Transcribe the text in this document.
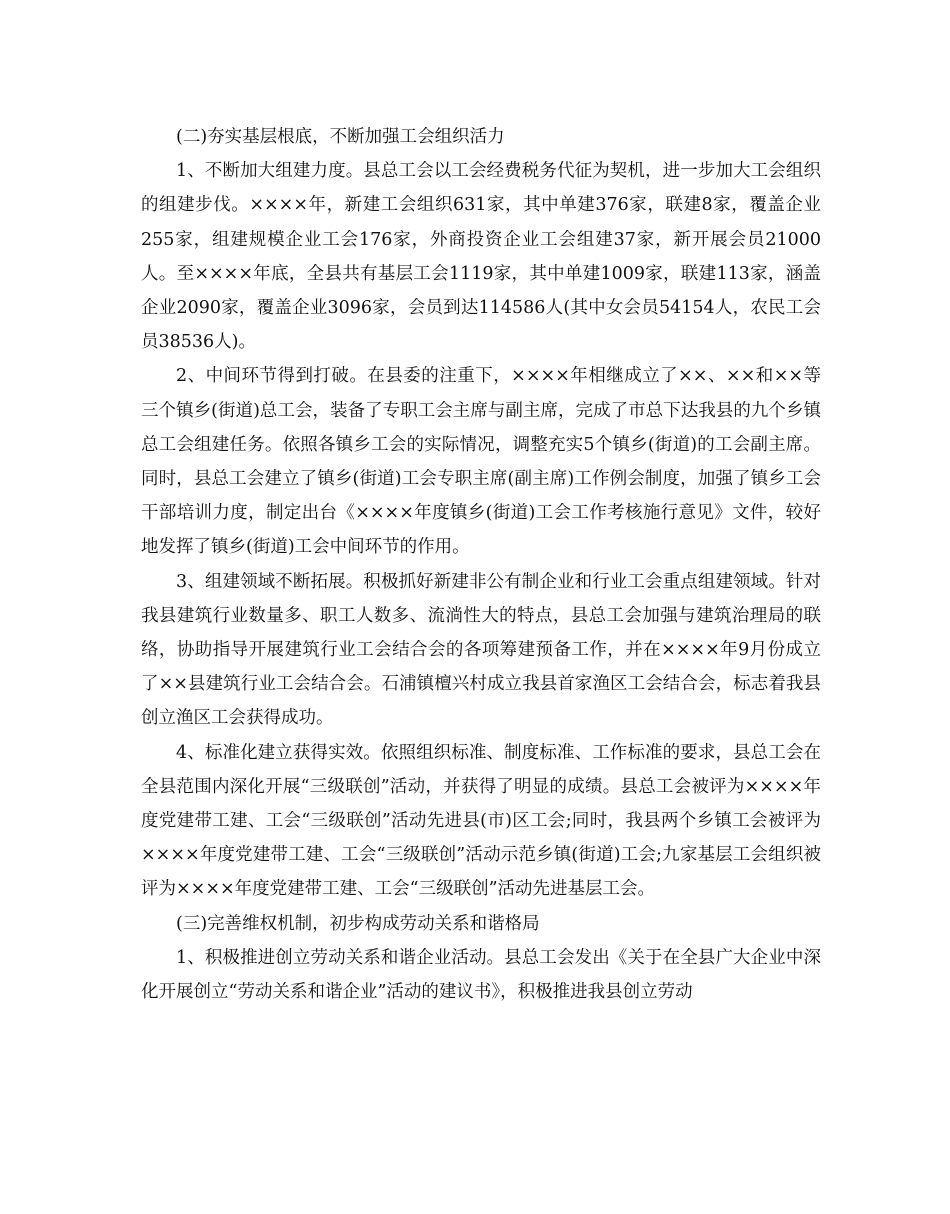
(二)夯实基层根底，不断加强工会组织活力

1、不断加大组建力度。县总工会以工会经费税务代征为契机，进一步加大工会组织的组建步伐。××××年，新建工会组织631家，其中单建376家，联建8家，覆盖企业255家，组建规模企业工会176家，外商投资企业工会组建37家，新开展会员21000人。至××××年底，全县共有基层工会1119家，其中单建1009家，联建113家，涵盖企业2090家，覆盖企业3096家，会员到达114586人(其中女会员54154人，农民工会员38536人)。

2、中间环节得到打破。在县委的注重下，××××年相继成立了××、××和××等三个镇乡(街道)总工会，装备了专职工会主席与副主席，完成了市总下达我县的九个乡镇总工会组建任务。依照各镇乡工会的实际情况，调整充实5个镇乡(街道)的工会副主席。同时，县总工会建立了镇乡(街道)工会专职主席(副主席)工作例会制度，加强了镇乡工会干部培训力度，制定出台《××××年度镇乡(街道)工会工作考核施行意见》文件，较好地发挥了镇乡(街道)工会中间环节的作用。

3、组建领域不断拓展。积极抓好新建非公有制企业和行业工会重点组建领域。针对我县建筑行业数量多、职工人数多、流淌性大的特点，县总工会加强与建筑治理局的联络，协助指导开展建筑行业工会结合会的各项筹建预备工作，并在××××年9月份成立了××县建筑行业工会结合会。石浦镇檀兴村成立我县首家渔区工会结合会，标志着我县创立渔区工会获得成功。

4、标准化建立获得实效。依照组织标准、制度标准、工作标准的要求，县总工会在全县范围内深化开展“三级联创”活动，并获得了明显的成绩。县总工会被评为××××年度党建带工建、工会“三级联创”活动先进县(市)区工会;同时，我县两个乡镇工会被评为××××年度党建带工建、工会“三级联创”活动示范乡镇(街道)工会;九家基层工会组织被评为××××年度党建带工建、工会“三级联创”活动先进基层工会。

(三)完善维权机制，初步构成劳动关系和谐格局

1、积极推进创立劳动关系和谐企业活动。县总工会发出《关于在全县广大企业中深化开展创立“劳动关系和谐企业”活动的建议书》，积极推进我县创立劳动
